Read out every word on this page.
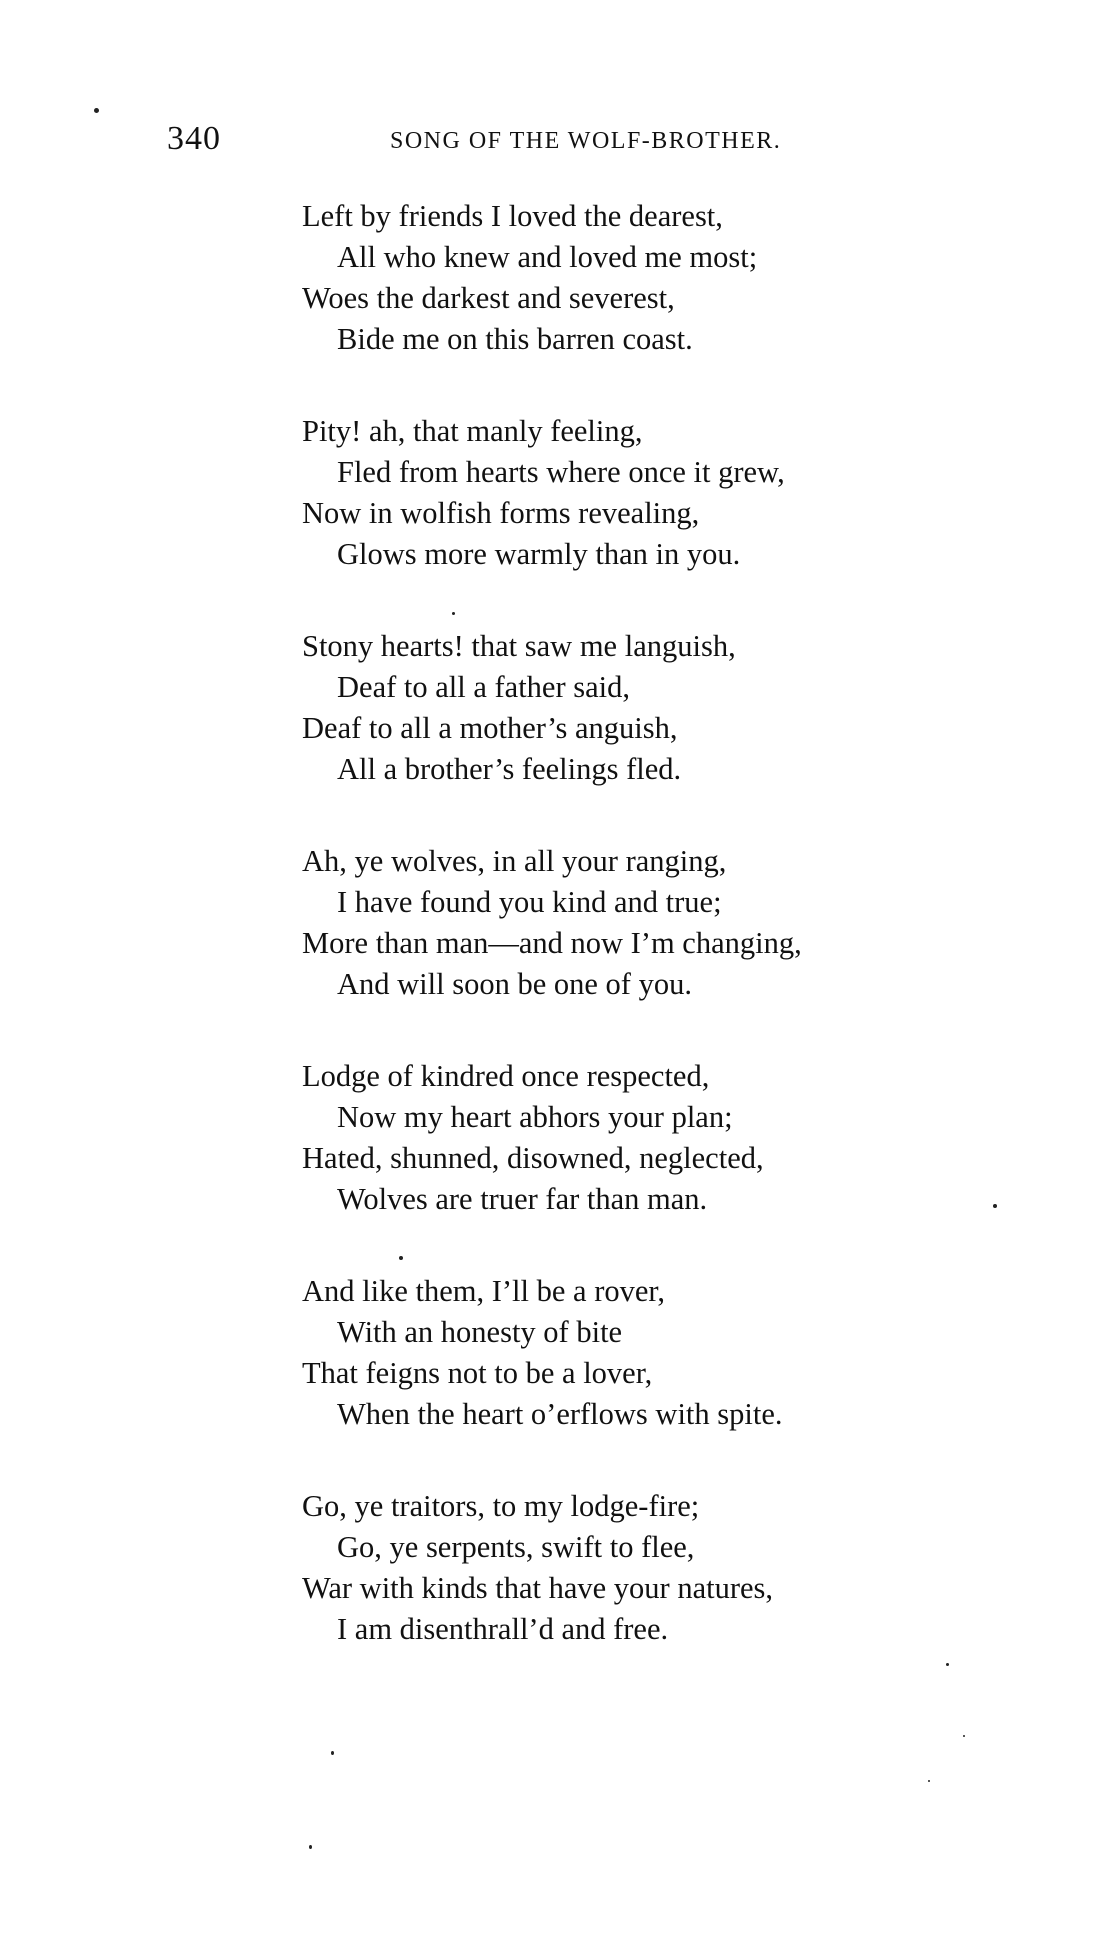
340	SONG OF THE WOLF-BROTHER.
Left by friends I loved the dearest,
All who knew and loved me most;
Woes the darkest and severest,
Bide me on this barren coast.
Pity! ah, that manly feeling,
Fled from hearts where once it grew,
Now in wolfish forms revealing,
Glows more warmly than in you.
Stony hearts! that saw me languish,
Deaf to all a father said,
Deaf to all a mother’s anguish,
All a brother’s feelings fled.
Ah, ye wolves, in all your ranging,
I have found you kind and true;
More than man—and now I’m changing,
And will soon be one of you.
Lodge of kindred once respected,
Now my heart abhors your plan;
Hated, shunned, disowned, neglected,
Wolves are truer far than man.
And like them, I’ll be a rover,
With an honesty of bite
That feigns not to be a lover,
When the heart o’erflows with spite.
Go, ye traitors, to my lodge-fire;
Go, ye serpents, swift to flee,
War with kinds that have your natures,
I am disenthrall’d and free.
